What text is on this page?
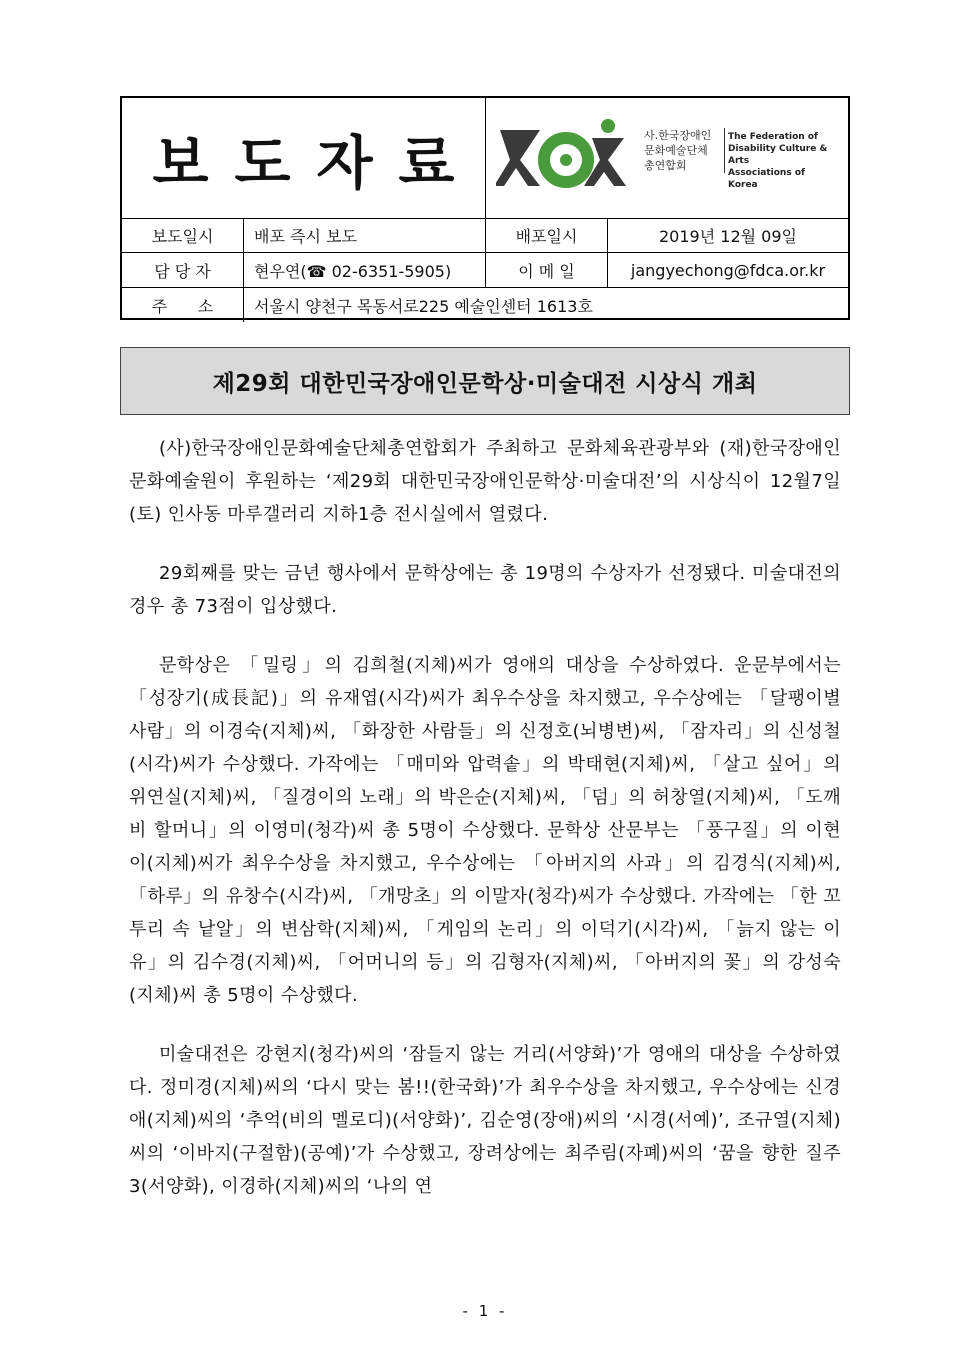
보도자료	사.한국장애인
문화예술단체
총연합회
The Federation of
Disability Culture & Arts
Associations of
Korea
보도일시	배포 즉시 보도	배포일시	2019년 12월 09일
담 당 자	현우연(☎ 02-6351-5905)	이 메 일	jangyechong@fdca.or.kr
주      소	서울시 양천구 목동서로225 예술인센터 1613호
제29회 대한민국장애인문학상·미술대전 시상식 개최

(사)한국장애인문화예술단체총연합회가 주최하고 문화체육관광부와 (재)한국장애인문화예술원이 후원하는 ‘제29회 대한민국장애인문학상·미술대전’의 시상식이 12월7일(토) 인사동 마루갤러리 지하1층 전시실에서 열렸다.

29회째를 맞는 금년 행사에서 문학상에는 총 19명의 수상자가 선정됐다. 미술대전의 경우 총 73점이 입상했다.

문학상은 「밀링」의 김희철(지체)씨가 영애의 대상을 수상하였다. 운문부에서는 「성장기(成長記)」의 유재엽(시각)씨가 최우수상을 차지했고, 우수상에는 「달팽이별 사람」의 이경숙(지체)씨, 「화장한 사람들」의 신정호(뇌병변)씨, 「잠자리」의 신성철(시각)씨가 수상했다. 가작에는 「매미와 압력솥」의 박태현(지체)씨, 「살고 싶어」의 위연실(지체)씨, 「질경이의 노래」의 박은순(지체)씨, 「덤」의 허창열(지체)씨, 「도깨비 할머니」의 이영미(청각)씨 총 5명이 수상했다. 문학상 산문부는 「풍구질」의 이현이(지체)씨가 최우수상을 차지했고, 우수상에는 「아버지의 사과」의 김경식(지체)씨, 「하루」의 유창수(시각)씨, 「개망초」의 이말자(청각)씨가 수상했다. 가작에는 「한 꼬투리 속 낱알」의 변삼학(지체)씨, 「게임의 논리」의 이덕기(시각)씨, 「늙지 않는 이유」의 김수경(지체)씨, 「어머니의 등」의 김형자(지체)씨, 「아버지의 꽃」의 강성숙(지체)씨 총 5명이 수상했다.

미술대전은 강현지(청각)씨의 ‘잠들지 않는 거리(서양화)’가 영애의 대상을 수상하였다. 정미경(지체)씨의 ‘다시 맞는 봄!!(한국화)’가 최우수상을 차지했고, 우수상에는 신경애(지체)씨의 ‘추억(비의 멜로디)(서양화)’, 김순영(장애)씨의 ‘시경(서예)’, 조규열(지체)씨의 ‘이바지(구절함)(공예)’가 수상했고, 장려상에는 최주림(자폐)씨의 ‘꿈을 향한 질주 3(서양화), 이경하(지체)씨의 ‘나의 연

- 1 -
